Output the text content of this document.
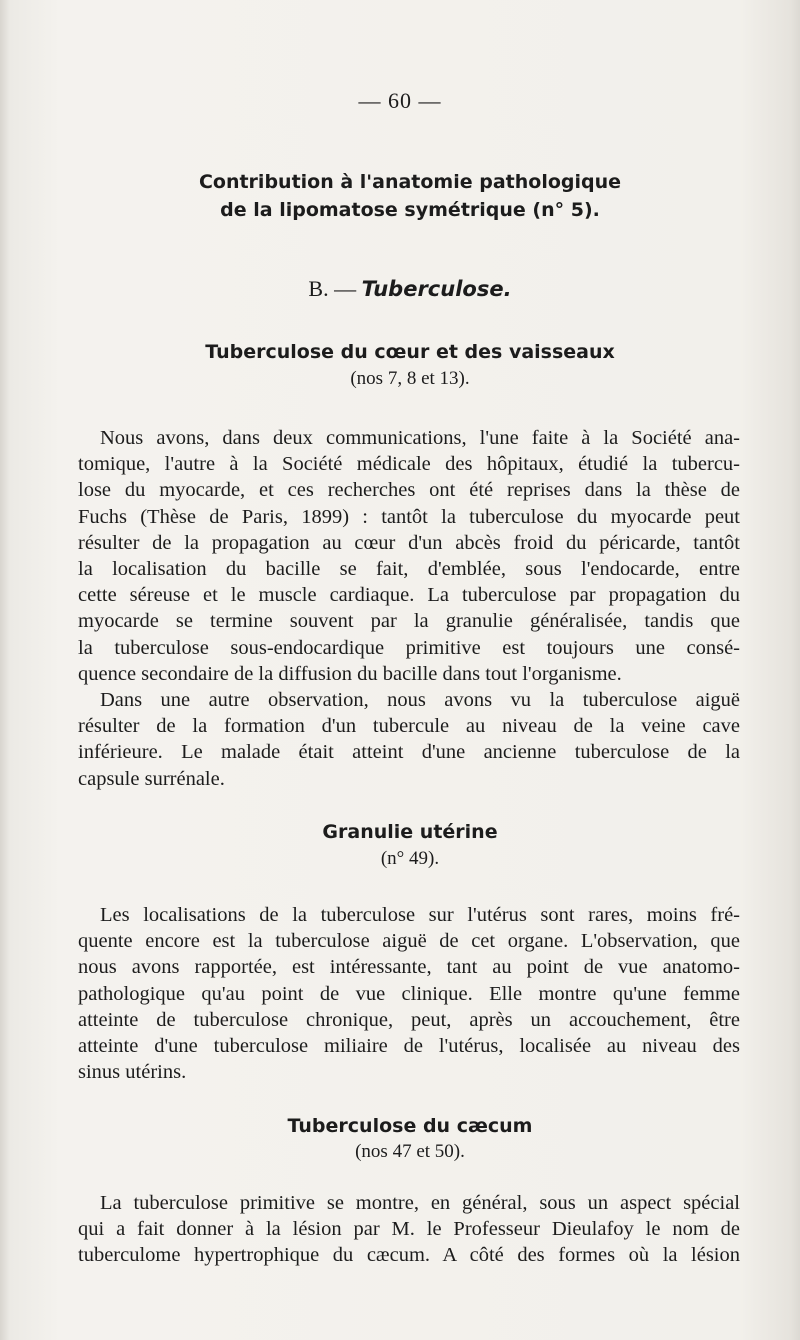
— 60 —
Contribution à l'anatomie pathologique
de la lipomatose symétrique (n° 5).
B. — Tuberculose.
Tuberculose du cœur et des vaisseaux
(nos 7, 8 et 13).
Nous avons, dans deux communications, l'une faite à la Société ana-
tomique, l'autre à la Société médicale des hôpitaux, étudié la tubercu-
lose du myocarde, et ces recherches ont été reprises dans la thèse de
Fuchs (Thèse de Paris, 1899) : tantôt la tuberculose du myocarde peut
résulter de la propagation au cœur d'un abcès froid du péricarde, tantôt
la localisation du bacille se fait, d'emblée, sous l'endocarde, entre
cette séreuse et le muscle cardiaque. La tuberculose par propagation du
myocarde se termine souvent par la granulie généralisée, tandis que
la tuberculose sous-endocardique primitive est toujours une consé-
quence secondaire de la diffusion du bacille dans tout l'organisme.
Dans une autre observation, nous avons vu la tuberculose aiguë
résulter de la formation d'un tubercule au niveau de la veine cave
inférieure. Le malade était atteint d'une ancienne tuberculose de la
capsule surrénale.
Granulie utérine
(n° 49).
Les localisations de la tuberculose sur l'utérus sont rares, moins fré-
quente encore est la tuberculose aiguë de cet organe. L'observation, que
nous avons rapportée, est intéressante, tant au point de vue anatomo-
pathologique qu'au point de vue clinique. Elle montre qu'une femme
atteinte de tuberculose chronique, peut, après un accouchement, être
atteinte d'une tuberculose miliaire de l'utérus, localisée au niveau des
sinus utérins.
Tuberculose du cæcum
(nos 47 et 50).
La tuberculose primitive se montre, en général, sous un aspect spécial
qui a fait donner à la lésion par M. le Professeur Dieulafoy le nom de
tuberculome hypertrophique du cæcum. A côté des formes où la lésion
